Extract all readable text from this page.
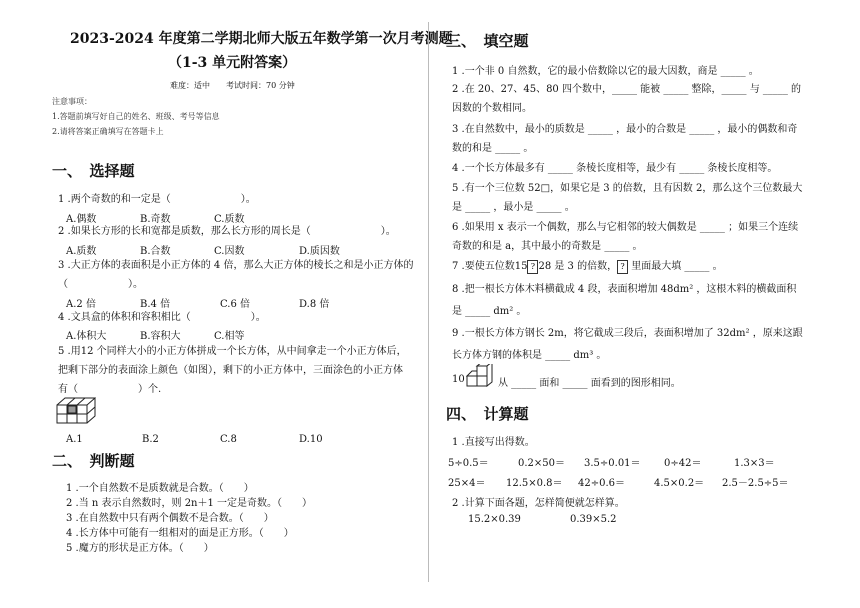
2023-2024 年度第二学期北师大版五年数学第一次月考测题
（1-3 单元附答案）
难度：适中　　考试时间：70 分钟
注意事项：
1.答题前填写好自己的姓名、班级、考号等信息
2.请将答案正确填写在答题卡上
一、　选择题
1 .两个奇数的和一定是（　　　　　　　）。
A.偶数	B.奇数	C.质数
2 .如果长方形的长和宽都是质数，那么长方形的周长是（　　　　　　　）。
A.质数	B.合数	C.因数	D.质因数
3 .大正方体的表面积是小正方体的 4 倍，那么大正方体的棱长之和是小正方体的
（　　　　　　）。
A.2 倍	B.4 倍	C.6 倍	D.8 倍
4 .文具盒的体积和容积相比（　　　　　　）。
A.体积大	B.容积大	C.相等
5 .用12 个同样大小的小正方体拼成一个长方体，从中间拿走一个小正方体后，
把剩下部分的表面涂上颜色（如图），剩下的小正方体中，三面涂色的小正方体
有（　　　　　　）个.
A.1	B.2	C.8	D.10
二、　判断题
1 .一个自然数不是质数就是合数。（　　）
2 .当 n 表示自然数时，则 2n＋1 一定是奇数。（　　）
3 .在自然数中只有两个偶数不是合数。（　　）
4 .长方体中可能有一组相对的面是正方形。（　　）
5 .魔方的形状是正方体。（　　）
三、　填空题
1 .一个非 0 自然数，它的最小倍数除以它的最大因数，商是 _____ 。
2 .在 20、27、45、80 四个数中，_____ 能被 _____ 整除，_____ 与 _____ 的
因数的个数相同。
3 .在自然数中，最小的质数是 _____ ，最小的合数是 _____ ，最小的偶数和奇
数的和是 _____ 。
4 .一个长方体最多有 _____ 条棱长度相等，最少有 _____ 条棱长度相等。
5 .有一个三位数 52□，如果它是 3 的倍数，且有因数 2，那么这个三位数最大
是 _____ ，最小是 _____ 。
6 .如果用 x 表示一个偶数，那么与它相邻的较大偶数是 _____ ；如果三个连续
奇数的和是 a，其中最小的奇数是 _____ 。
7 .要使五位数15 ? 28 是 3 的倍数， ? 里面最大填 _____ 。
8 .把一根长方体木料横截成 4 段，表面积增加 48dm² ，这根木料的横截面积
是 _____ dm² 。
9 .一根长方体方钢长 2m，将它截成三段后，表面积增加了 32dm² ，原来这跟
长方体方钢的体积是 _____ dm³ 。
10	从 _____ 面和 _____ 面看到的图形相同。
四、　计算题
1 .直接写出得数。
5÷0.5＝	0.2×50＝ 3.5÷0.01＝ 0÷42＝	1.3×3＝
25×4＝ 12.5×0.8＝ 42÷0.6＝	4.5×0.2＝ 2.5－2.5÷5＝
2 .计算下面各题，怎样简便就怎样算。
15.2×0.39	0.39×5.2
